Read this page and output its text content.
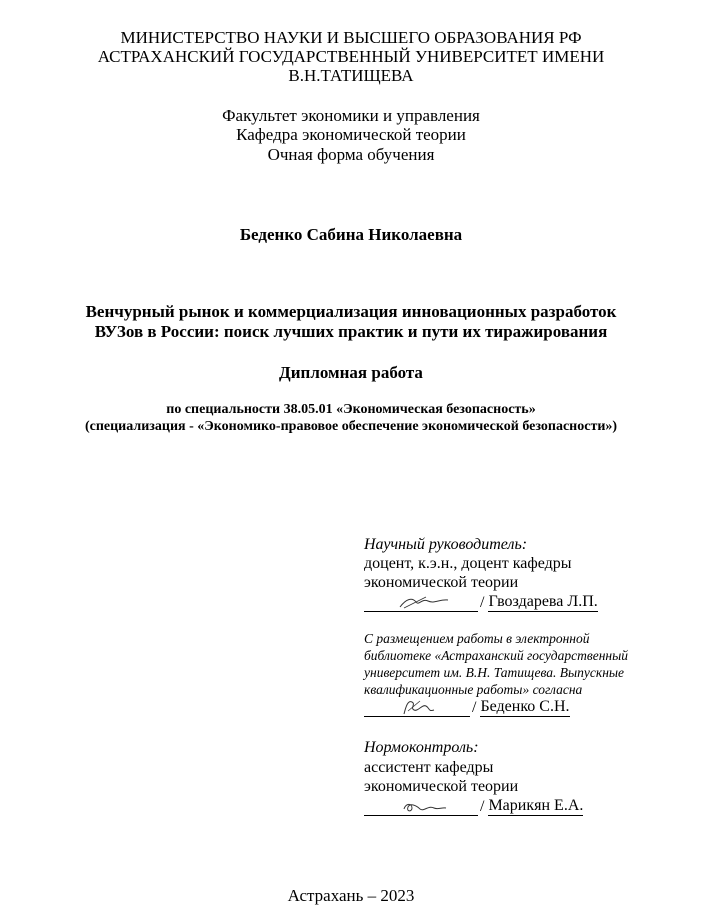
МИНИСТЕРСТВО НАУКИ И ВЫСШЕГО ОБРАЗОВАНИЯ РФ
АСТРАХАНСКИЙ ГОСУДАРСТВЕННЫЙ УНИВЕРСИТЕТ ИМЕНИ
В.Н.ТАТИЩЕВА
Факультет экономики и управления
Кафедра экономической теории
Очная форма обучения
Беденко Сабина Николаевна
Венчурный рынок и коммерциализация инновационных разработок
ВУЗов в России: поиск лучших практик и пути их тиражирования
Дипломная работа
по специальности 38.05.01 «Экономическая безопасность»
(специализация - «Экономико-правовое обеспечение экономической безопасности»)
Научный руководитель:
доцент, к.э.н., доцент кафедры
экономической теории
/ Гвоздарева Л.П.
С размещением работы в электронной
библиотеке «Астраханский государственный
университет им. В.Н. Татищева. Выпускные
квалификационные работы» согласна
/ Беденко С.Н.
Нормоконтроль:
ассистент кафедры
экономической теории
/ Марикян Е.А.
Астрахань – 2023
